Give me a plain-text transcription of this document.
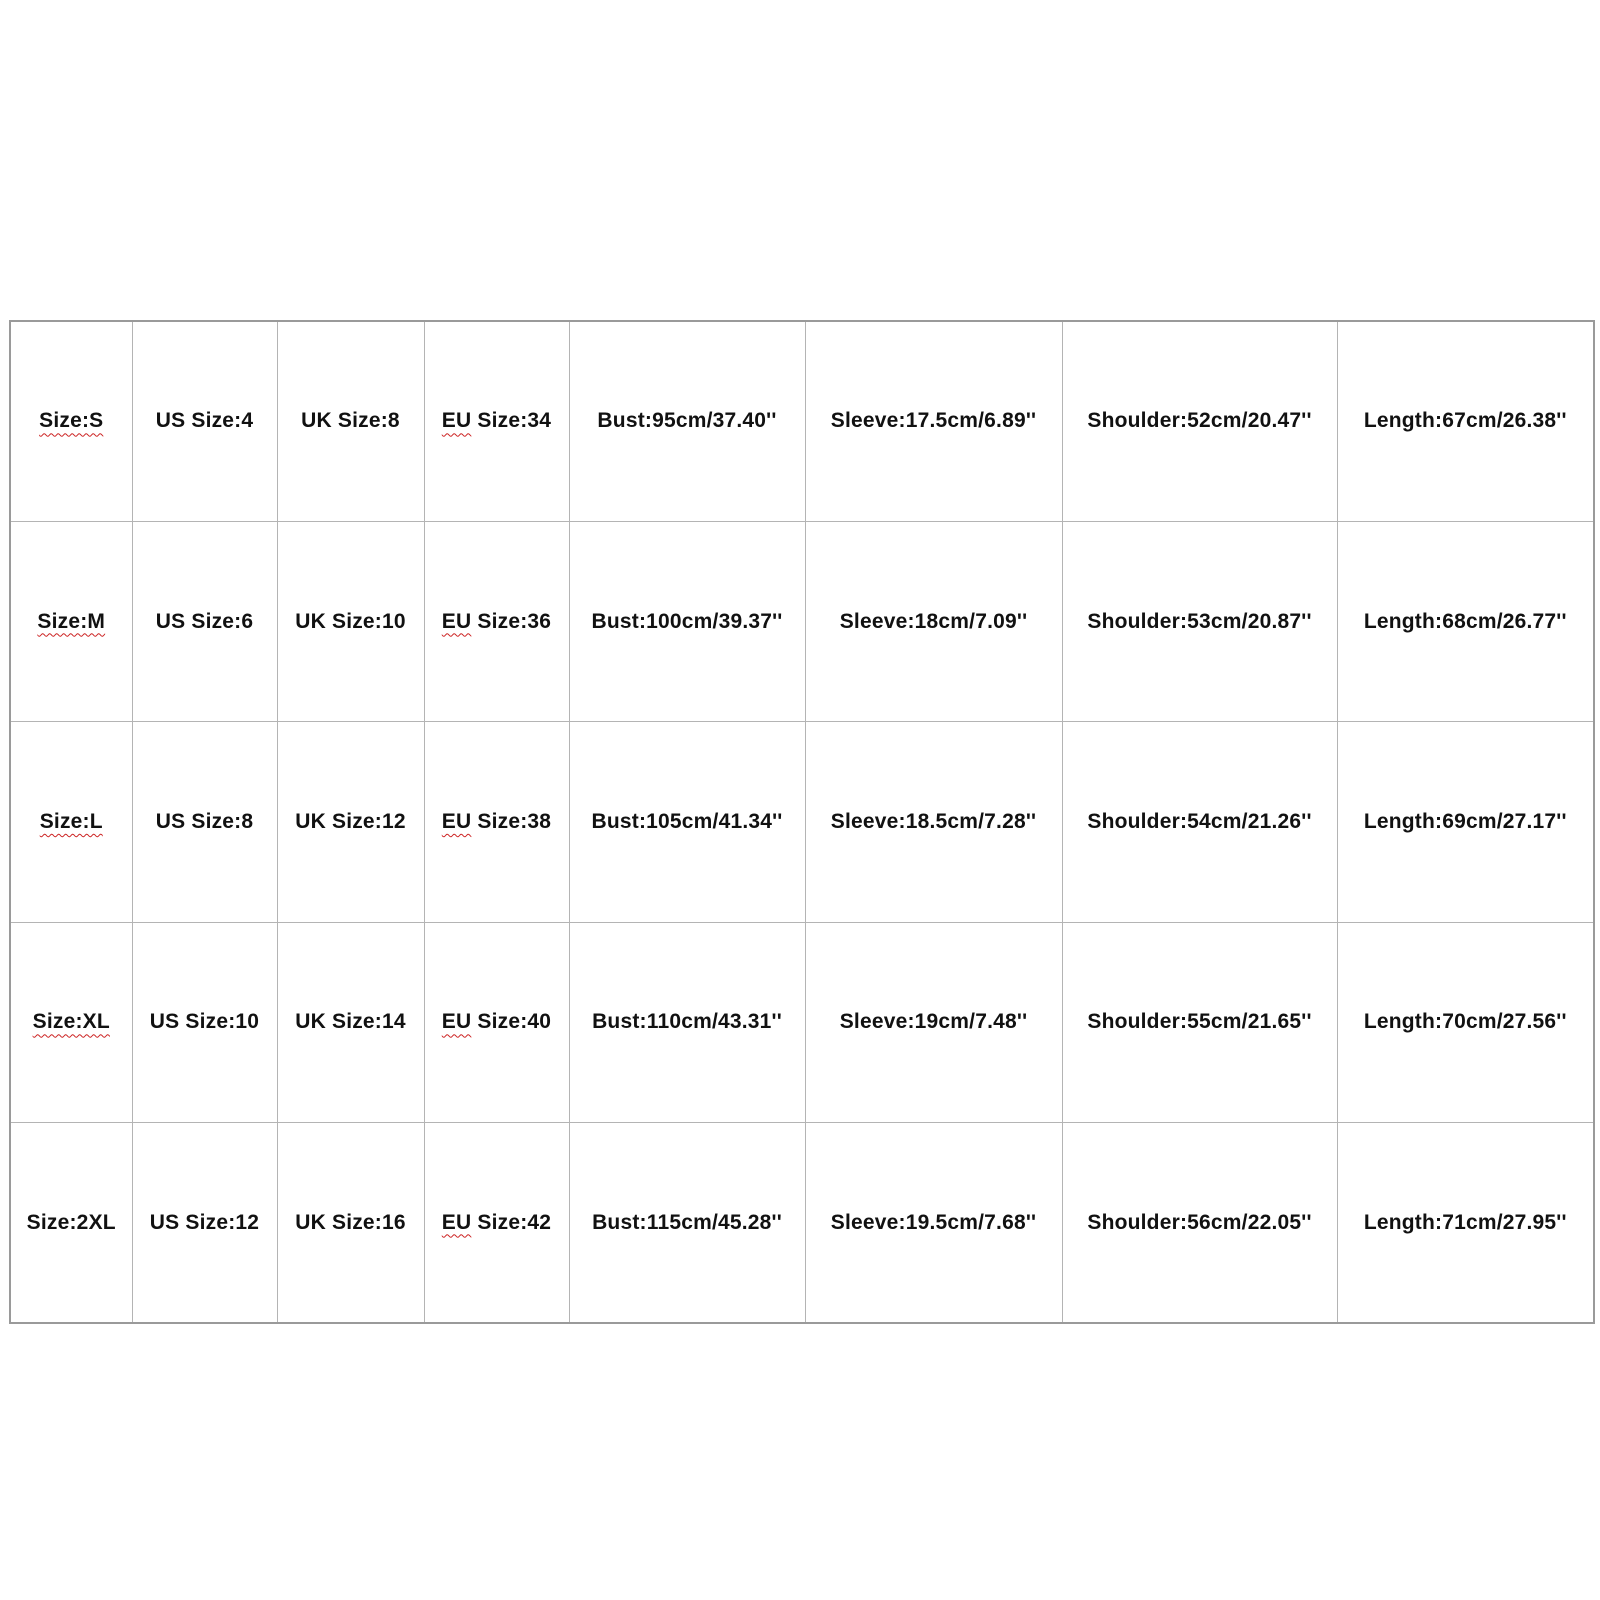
Size:S	US Size:4	UK Size:8	EU Size:34	Bust:95cm/37.40''	Sleeve:17.5cm/6.89''	Shoulder:52cm/20.47''	Length:67cm/26.38''
Size:M	US Size:6	UK Size:10	EU Size:36	Bust:100cm/39.37''	Sleeve:18cm/7.09''	Shoulder:53cm/20.87''	Length:68cm/26.77''
Size:L	US Size:8	UK Size:12	EU Size:38	Bust:105cm/41.34''	Sleeve:18.5cm/7.28''	Shoulder:54cm/21.26''	Length:69cm/27.17''
Size:XL	US Size:10	UK Size:14	EU Size:40	Bust:110cm/43.31''	Sleeve:19cm/7.48''	Shoulder:55cm/21.65''	Length:70cm/27.56''
Size:2XL	US Size:12	UK Size:16	EU Size:42	Bust:115cm/45.28''	Sleeve:19.5cm/7.68''	Shoulder:56cm/22.05''	Length:71cm/27.95''
